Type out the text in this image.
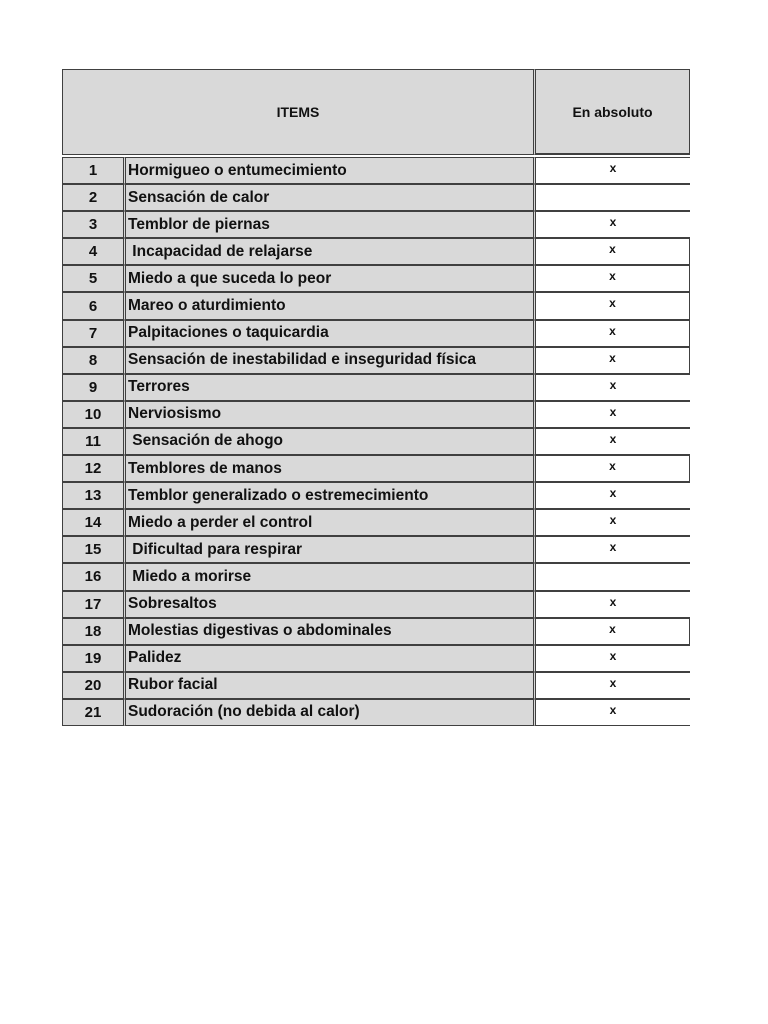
ITEMS	En absoluto
1	Hormigueo o entumecimiento	x
2	Sensación de calor
3	Temblor de piernas	x
4	Incapacidad de relajarse	x
5	Miedo a que suceda lo peor	x
6	Mareo o aturdimiento	x
7	Palpitaciones o taquicardia	x
8	Sensación de inestabilidad e inseguridad física	x
9	Terrores	x
10	Nerviosismo	x
11	Sensación de ahogo	x
12	Temblores de manos	x
13	Temblor generalizado o estremecimiento	x
14	Miedo a perder el control	x
15	Dificultad para respirar	x
16	Miedo a morirse
17	Sobresaltos	x
18	Molestias digestivas o abdominales	x
19	Palidez	x
20	Rubor facial	x
21	Sudoración (no debida al calor)	x
